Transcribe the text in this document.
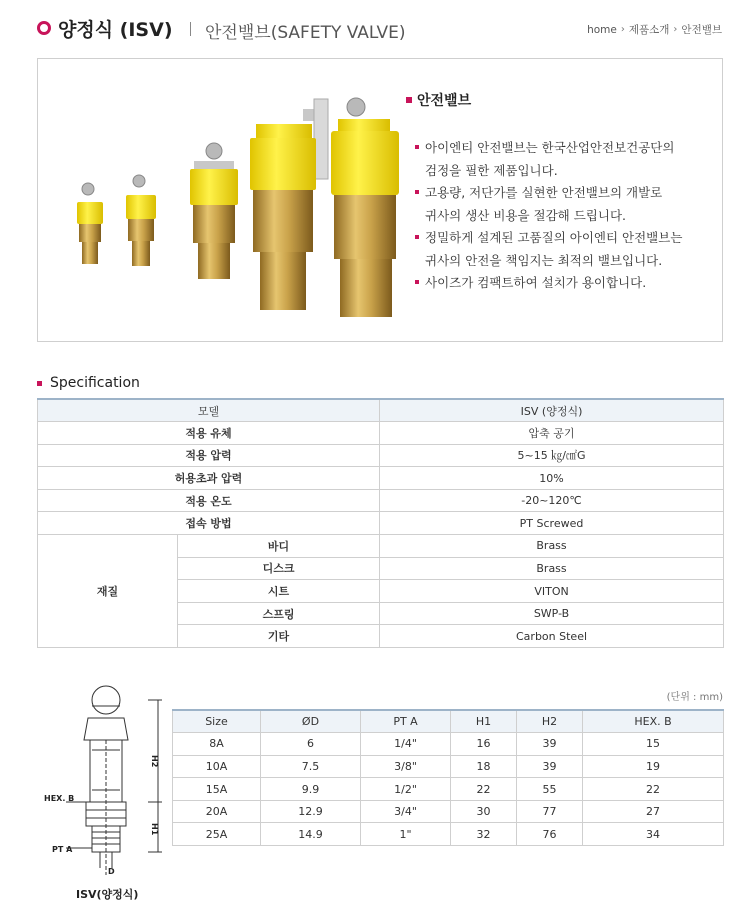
양정식 (ISV) 안전밸브(SAFETY VALVE)	home › 제품소개 › 안전밸브
안전밸브
아이엔티 안전밸브는 한국산업안전보건공단의
검정을 필한 제품입니다.
고용량, 저단가를 실현한 안전밸브의 개발로
귀사의 생산 비용을 절감해 드립니다.
정밀하게 설계된 고품질의 아이엔티 안전밸브는
귀사의 안전을 책임지는 최적의 밸브입니다.
사이즈가 컴팩트하여 설치가 용이합니다.
Specification
모델		ISV (양정식)
적용 유체		압축 공기
적용 압력		5~15 ㎏/㎠G
허용초과 압력		10%
적용 온도		-20~120℃
접속 방법		PT Screwed
재질	바디	Brass
	디스크	Brass
	시트	VITON
	스프링	SWP-B
	기타	Carbon Steel
H2
H1
HEX. B
PT A
D
ISV(양정식)
(단위 : mm)
Size	ØD	PT A	H1	H2	HEX. B
8A	6	1/4"	16	39	15
10A	7.5	3/8"	18	39	19
15A	9.9	1/2"	22	55	22
20A	12.9	3/4"	30	77	27
25A	14.9	1"	32	76	34
